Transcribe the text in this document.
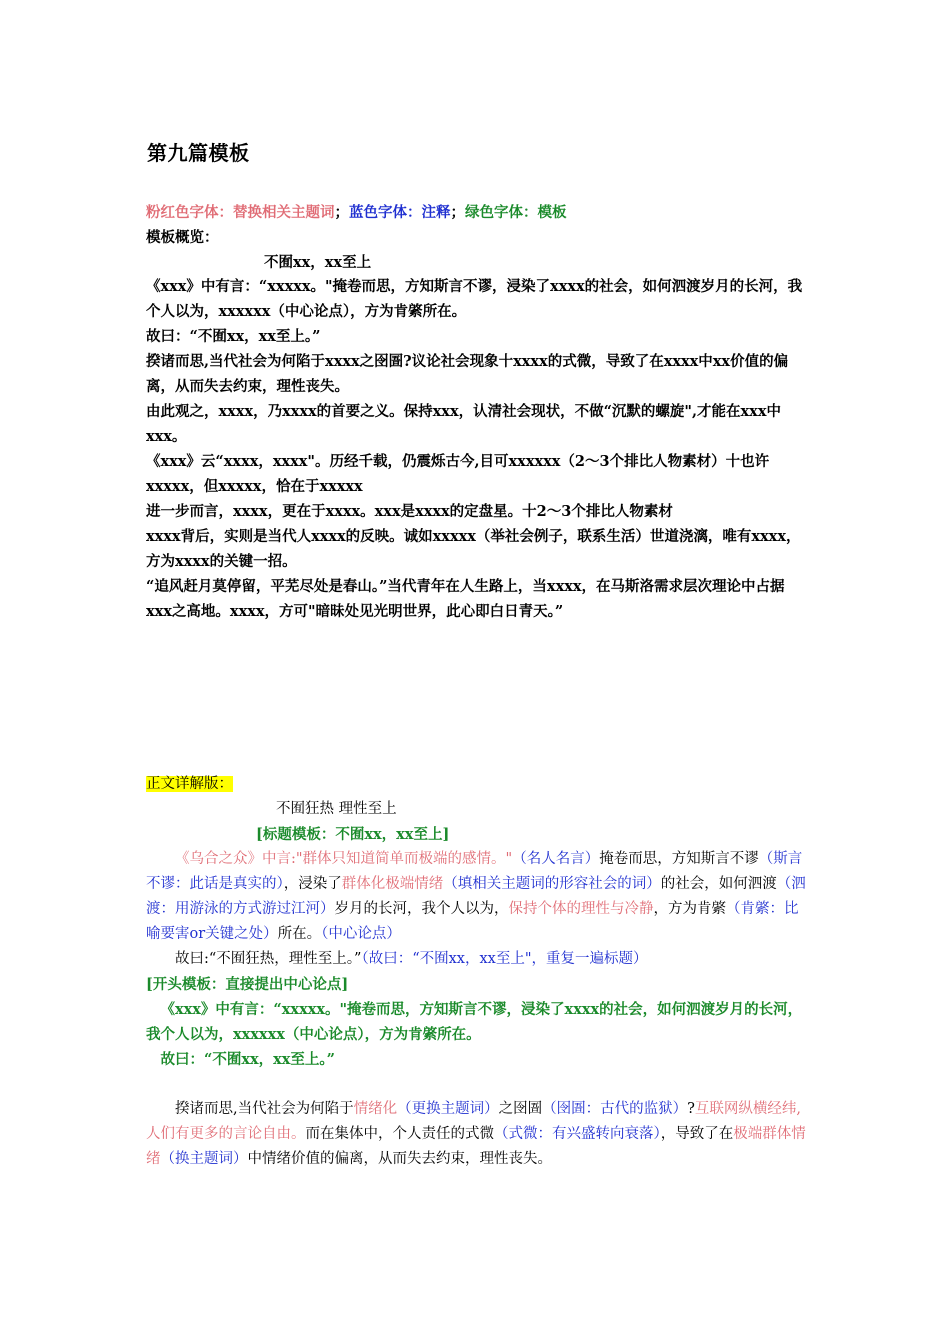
第九篇模板

粉红色字体：替换相关主题词；蓝色字体：注释；绿色字体：模板

模板概览：

不囿xx，xx至上

《xxx》中有言：“xxxxx。"掩卷而思，方知斯言不谬，浸染了xxxx的社会，如何泗渡岁月的长河，我个人以为，xxxxxx（中心论点），方为肯綮所在。

故曰：“不囿xx，xx至上。”

揆诸而思,当代社会为何陷于xxxx之囹圄?议论社会现象十xxxx的式微，导致了在xxxx中xx价值的偏离，从而失去约束，理性丧失。

由此观之，xxxx，乃xxxx的首要之义。保持xxx，认清社会现状，不做“沉默的螺旋",才能在xxx中xxx。

《xxx》云“xxxx，xxxx"。历经千载，仍震烁古今,目可xxxxxx（2～3个排比人物素材）十也许xxxxx，但xxxxx，恰在于xxxxx

进一步而言，xxxx，更在于xxxx。xxx是xxxx的定盘星。十2～3个排比人物素材

xxxx背后，实则是当代人xxxx的反映。诚如xxxxx（举社会例子，联系生活）世道浇漓，唯有xxxx，方为xxxx的关键一招。

“追风赶月莫停留，平芜尽处是春山。”当代青年在人生路上，当xxxx，在马斯洛需求层次理论中占据xxx之高地。xxxx，方可"暗昧处见光明世界，此心即白日青天。”

正文详解版：

不囿狂热 理性至上

[标题模板：不囿xx，xx至上]

《乌合之众》中言:"群体只知道简单而极端的感情。"（名人名言）掩卷而思，方知斯言不谬（斯言不谬：此话是真实的），浸染了群体化极端情绪（填相关主题词的形容社会的词）的社会，如何泗渡（泗渡：用游泳的方式游过江河）岁月的长河，我个人以为，保持个体的理性与冷静，方为肯綮（肯綮：比喻要害or关键之处）所在。（中心论点）

故曰:“不囿狂热，理性至上。”（故曰：“不囿xx，xx至上"，重复一遍标题）

[开头模板：直接提出中心论点]

《xxx》中有言：“xxxxx。"掩卷而思，方知斯言不谬，浸染了xxxx的社会，如何泗渡岁月的长河，我个人以为，xxxxxx（中心论点），方为肯綮所在。

故曰：“不囿xx，xx至上。”

揆诸而思,当代社会为何陷于情绪化（更换主题词）之囹圄（囹圄：古代的监狱）?互联网纵横经纬,人们有更多的言论自由。而在集体中，个人责任的式微（式微：有兴盛转向衰落），导致了在极端群体情绪（换主题词）中情绪价值的偏离，从而失去约束，理性丧失。
